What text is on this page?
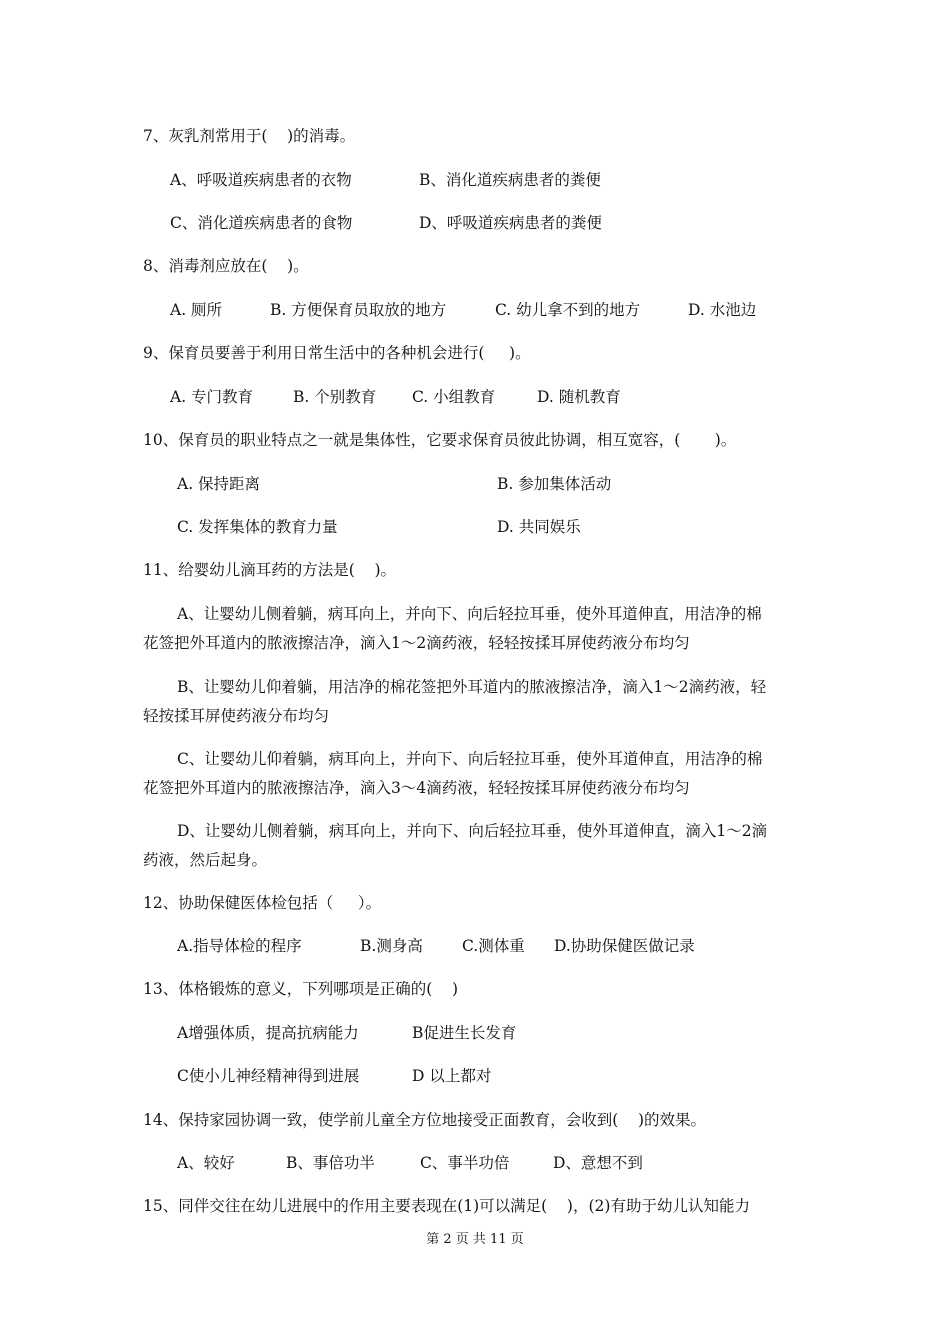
7、灰乳剂常用于(    )的消毒。
A、呼吸道疾病患者的衣物	B、消化道疾病患者的粪便
C、消化道疾病患者的食物	D、呼吸道疾病患者的粪便
8、消毒剂应放在(    )。
A. 厕所	B. 方便保育员取放的地方	C. 幼儿拿不到的地方	D. 水池边
9、保育员要善于利用日常生活中的各种机会进行(     )。
A. 专门教育	B. 个别教育 C. 小组教育	D. 随机教育
10、保育员的职业特点之一就是集体性，它要求保育员彼此协调，相互宽容，(       )。
A. 保持距离	B. 参加集体活动
C. 发挥集体的教育力量	D. 共同娱乐
11、给婴幼儿滴耳药的方法是(    )。
A、让婴幼儿侧着躺，病耳向上，并向下、向后轻拉耳垂，使外耳道伸直，用洁净的棉
花签把外耳道内的脓液擦洁净，滴入1～2滴药液，轻轻按揉耳屏使药液分布均匀
B、让婴幼儿仰着躺，用洁净的棉花签把外耳道内的脓液擦洁净，滴入1～2滴药液，轻
轻按揉耳屏使药液分布均匀
C、让婴幼儿仰着躺，病耳向上，并向下、向后轻拉耳垂，使外耳道伸直，用洁净的棉
花签把外耳道内的脓液擦洁净，滴入3～4滴药液，轻轻按揉耳屏使药液分布均匀
D、让婴幼儿侧着躺，病耳向上，并向下、向后轻拉耳垂，使外耳道伸直，滴入1～2滴
药液，然后起身。
12、协助保健医体检包括（     ）。
A.指导体检的程序	B.测身高	C.测体重 D.协助保健医做记录
13、体格锻炼的意义，下列哪项是正确的(    )
A增强体质，提高抗病能力	B促进生长发育
C使小儿神经精神得到进展	D 以上都对
14、保持家园协调一致，使学前儿童全方位地接受正面教育，会收到(    )的效果。
A、较好	B、事倍功半	C、事半功倍	D、意想不到
15、同伴交往在幼儿进展中的作用主要表现在(1)可以满足(    )，(2)有助于幼儿认知能力
第 2 页 共 11 页
